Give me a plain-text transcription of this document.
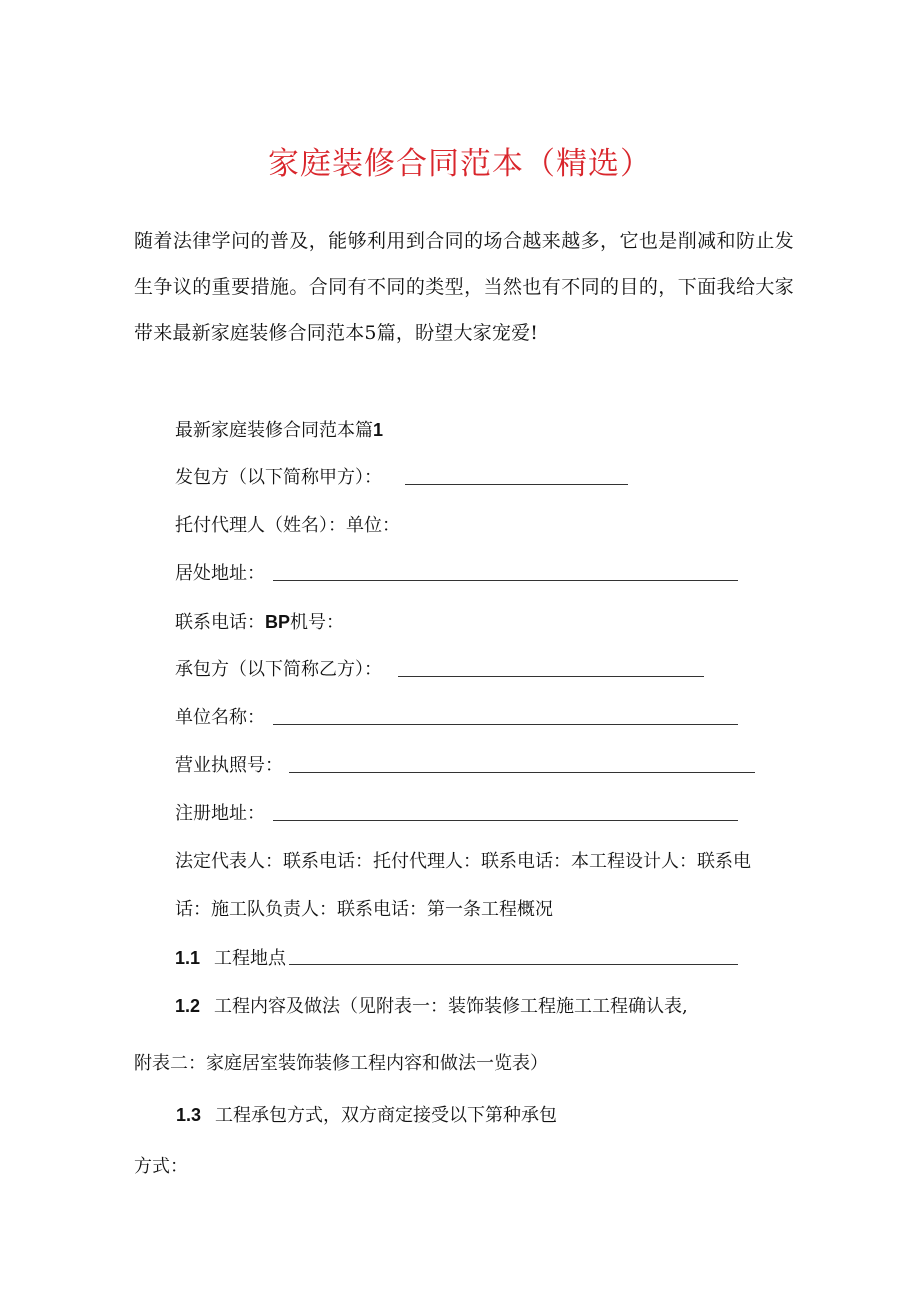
家庭装修合同范本（精选）

随着法律学问的普及，能够利用到合同的场合越来越多，它也是削减和防止发生争议的重要措施。合同有不同的类型，当然也有不同的目的，下面我给大家带来最新家庭装修合同范本5篇，盼望大家宠爱!

最新家庭装修合同范本篇1

发包方（以下简称甲方）：

托付代理人（姓名）：单位：

居处地址：

联系电话：BP机号：

承包方（以下简称乙方）：

单位名称：

营业执照号：

注册地址：

法定代表人：联系电话：托付代理人：联系电话：本工程设计人：联系电

话：施工队负责人：联系电话：第一条工程概况

1.1 工程地点

1.2 工程内容及做法（见附表一：装饰装修工程施工工程确认表,

附表二：家庭居室装饰装修工程内容和做法一览表）

1.3 工程承包方式，双方商定接受以下第种承包

方式：
